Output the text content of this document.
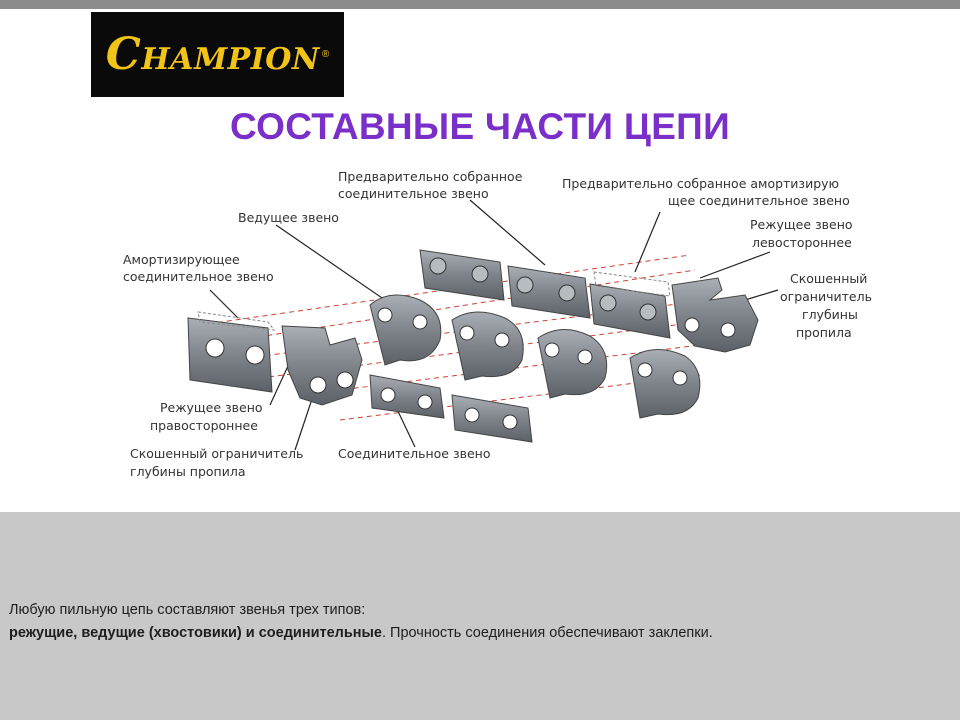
CHAMPION ®
СОСТАВНЫЕ ЧАСТИ ЦЕПИ
Предварительно собранное
соединительное звено
Предварительно собранное амортизирую
щее соединительное звено
Ведущее звено	Режущее звено
левостороннее
Амортизирующее
соединительное звено	Скошенный
ограничитель
глубины
пропила
Режущее звено
правостороннее
Скошенный ограничитель
глубины пропила
Соединительное звено
Любую пильную цепь составляют звенья трех типов:
режущие, ведущие (хвостовики) и соединительные. Прочность соединения обеспечивают заклепки.
